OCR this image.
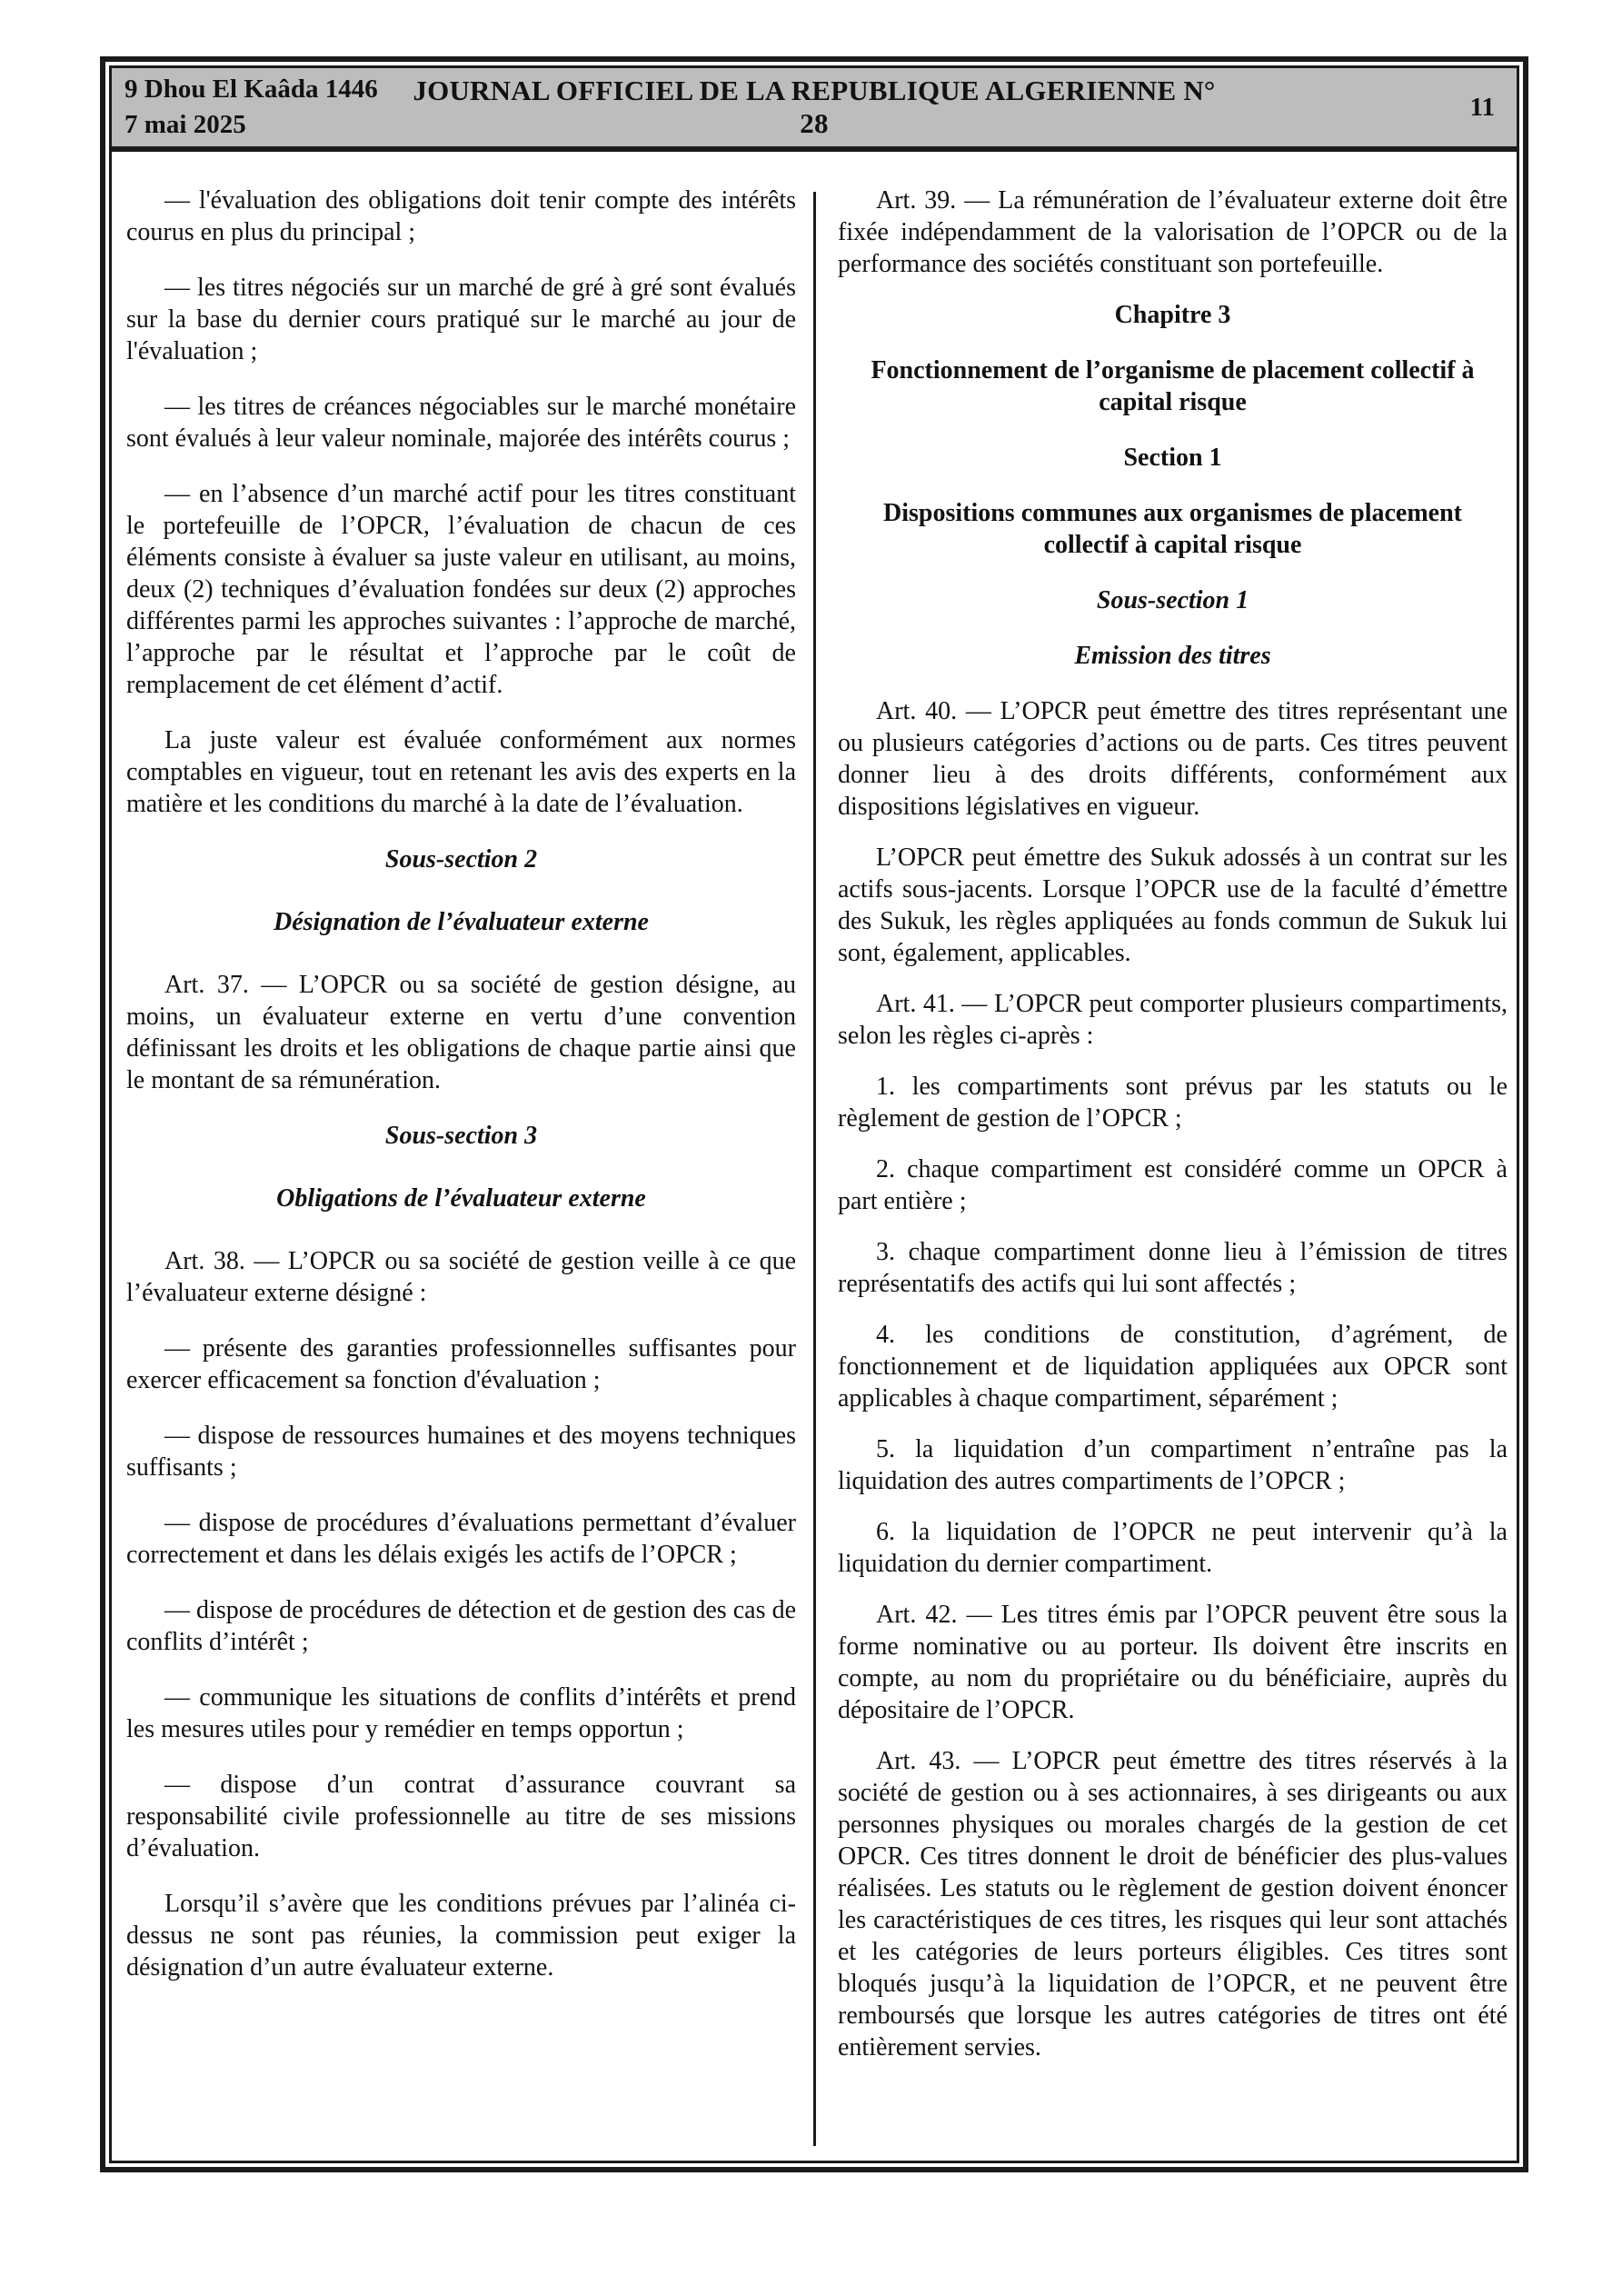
9 Dhou El Kaâda 1446
7 mai 2025
JOURNAL OFFICIEL DE LA REPUBLIQUE ALGERIENNE N° 28
11
— l'évaluation des obligations doit tenir compte des intérêts courus en plus du principal ;
— les titres négociés sur un marché de gré à gré sont évalués sur la base du dernier cours pratiqué sur le marché au jour de l'évaluation ;
— les titres de créances négociables sur le marché monétaire sont évalués à leur valeur nominale, majorée des intérêts courus ;
— en l’absence d’un marché actif pour les titres constituant le portefeuille de l’OPCR, l’évaluation de chacun de ces éléments consiste à évaluer sa juste valeur en utilisant, au moins, deux (2) techniques d’évaluation fondées sur deux (2) approches différentes parmi les approches suivantes : l’approche de marché, l’approche par le résultat et l’approche par le coût de remplacement de cet élément d’actif.
La juste valeur est évaluée conformément aux normes comptables en vigueur, tout en retenant les avis des experts en la matière et les conditions du marché à la date de l’évaluation.
Sous-section 2
Désignation de l’évaluateur externe
Art. 37. — L’OPCR ou sa société de gestion désigne, au moins, un évaluateur externe en vertu d’une convention définissant les droits et les obligations de chaque partie ainsi que le montant de sa rémunération.
Sous-section 3
Obligations de l’évaluateur externe
Art. 38. — L’OPCR ou sa société de gestion veille à ce que l’évaluateur externe désigné :
— présente des garanties professionnelles suffisantes pour exercer efficacement sa fonction d'évaluation ;
— dispose de ressources humaines et des moyens techniques suffisants ;
— dispose de procédures d’évaluations permettant d’évaluer correctement et dans les délais exigés les actifs de l’OPCR ;
— dispose de procédures de détection et de gestion des cas de conflits d’intérêt ;
— communique les situations de conflits d’intérêts et prend les mesures utiles pour y remédier en temps opportun ;
— dispose d’un contrat d’assurance couvrant sa responsabilité civile professionnelle au titre de ses missions d’évaluation.
Lorsqu’il s’avère que les conditions prévues par l’alinéa ci-dessus ne sont pas réunies, la commission peut exiger la désignation d’un autre évaluateur externe.
Art. 39. — La rémunération de l’évaluateur externe doit être fixée indépendamment de la valorisation de l’OPCR ou de la performance des sociétés constituant son portefeuille.
Chapitre 3
Fonctionnement de l’organisme de placement collectif à capital risque
Section 1
Dispositions communes aux organismes de placement collectif à capital risque
Sous-section 1
Emission des titres
Art. 40. — L’OPCR peut émettre des titres représentant une ou plusieurs catégories d’actions ou de parts. Ces titres peuvent donner lieu à des droits différents, conformément aux dispositions législatives en vigueur.
L’OPCR peut émettre des Sukuk adossés à un contrat sur les actifs sous-jacents. Lorsque l’OPCR use de la faculté d’émettre des Sukuk, les règles appliquées au fonds commun de Sukuk lui sont, également, applicables.
Art. 41. — L’OPCR peut comporter plusieurs compartiments, selon les règles ci-après :
1. les compartiments sont prévus par les statuts ou le règlement de gestion de l’OPCR ;
2. chaque compartiment est considéré comme un OPCR à part entière ;
3. chaque compartiment donne lieu à l’émission de titres représentatifs des actifs qui lui sont affectés ;
4. les conditions de constitution, d’agrément, de fonctionnement et de liquidation appliquées aux OPCR sont applicables à chaque compartiment, séparément ;
5. la liquidation d’un compartiment n’entraîne pas la liquidation des autres compartiments de l’OPCR ;
6. la liquidation de l’OPCR ne peut intervenir qu’à la liquidation du dernier compartiment.
Art. 42. — Les titres émis par l’OPCR peuvent être sous la forme nominative ou au porteur. Ils doivent être inscrits en compte, au nom du propriétaire ou du bénéficiaire, auprès du dépositaire de l’OPCR.
Art. 43. — L’OPCR peut émettre des titres réservés à la société de gestion ou à ses actionnaires, à ses dirigeants ou aux personnes physiques ou morales chargés de la gestion de cet OPCR. Ces titres donnent le droit de bénéficier des plus-values réalisées. Les statuts ou le règlement de gestion doivent énoncer les caractéristiques de ces titres, les risques qui leur sont attachés et les catégories de leurs porteurs éligibles. Ces titres sont bloqués jusqu’à la liquidation de l’OPCR, et ne peuvent être remboursés que lorsque les autres catégories de titres ont été entièrement servies.
